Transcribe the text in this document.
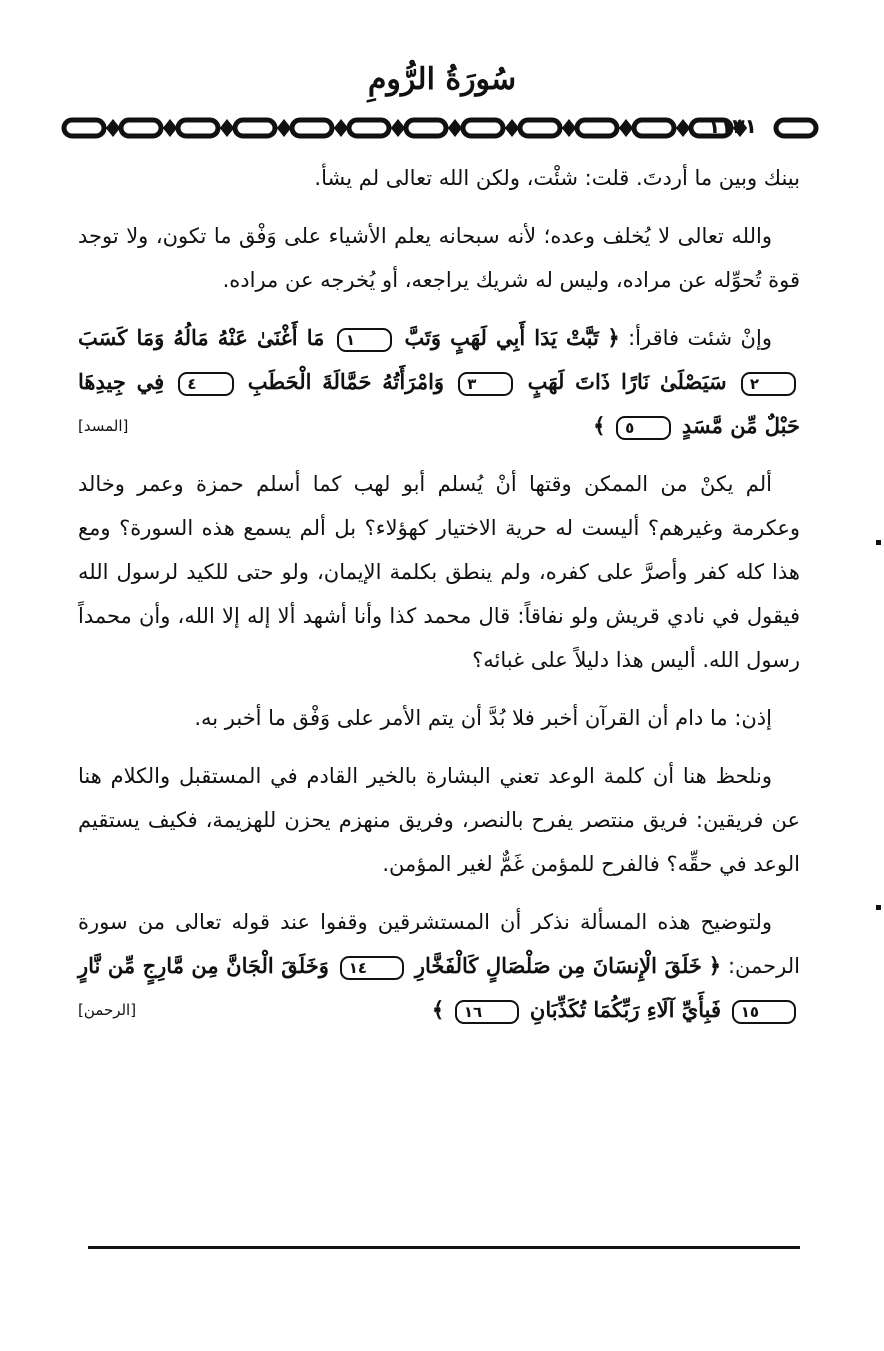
سُورَةُ الرُّومِ
١١٣١

بينك وبين ما أردتَ. قلت: شئْت، ولكن الله تعالى لم يشأ.

والله تعالى لا يُخلف وعده؛ لأنه سبحانه يعلم الأشياء على وَفْق ما تكون، ولا توجد قوة تُحوِّله عن مراده، وليس له شريك يراجعه، أو يُخرجه عن مراده.

وإنْ شئت فاقرأ: ﴿ تَبَّتْ يَدَا أَبِي لَهَبٍ وَتَبَّ ١ مَا أَغْنَىٰ عَنْهُ مَالُهُ وَمَا كَسَبَ ٢ سَيَصْلَىٰ نَارًا ذَاتَ لَهَبٍ ٣ وَامْرَأَتُهُ حَمَّالَةَ الْحَطَبِ ٤ فِي جِيدِهَا حَبْلٌ مِّن مَّسَدٍ ٥ ﴾
[المسد]

ألم يكنْ من الممكن وقتها أنْ يُسلم أبو لهب كما أسلم حمزة وعمر وخالد وعكرمة وغيرهم؟ أليست له حرية الاختيار كهؤلاء؟ بل ألم يسمع هذه السورة؟ ومع هذا كله كفر وأصرَّ على كفره، ولم ينطق بكلمة الإيمان، ولو حتى للكيد لرسول الله فيقول في نادي قريش ولو نفاقاً: قال محمد كذا وأنا أشهد ألا إله إلا الله، وأن محمداً رسول الله. أليس هذا دليلاً على غبائه؟

إذن: ما دام أن القرآن أخبر فلا بُدَّ أن يتم الأمر على وَفْق ما أخبر به.

ونلحظ هنا أن كلمة الوعد تعني البشارة بالخير القادم في المستقبل والكلام هنا عن فريقين: فريق منتصر يفرح بالنصر، وفريق منهزم يحزن للهزيمة، فكيف يستقيم الوعد في حقِّه؟ فالفرح للمؤمن غَمٌّ لغير المؤمن.

ولتوضيح هذه المسألة نذكر أن المستشرقين وقفوا عند قوله تعالى من سورة الرحمن: ﴿ خَلَقَ الْإِنسَانَ مِن صَلْصَالٍ كَالْفَخَّارِ ١٤ وَخَلَقَ الْجَانَّ مِن مَّارِجٍ مِّن نَّارٍ ١٥ فَبِأَيِّ آلَاءِ رَبِّكُمَا تُكَذِّبَانِ ١٦ ﴾
[الرحمن]
